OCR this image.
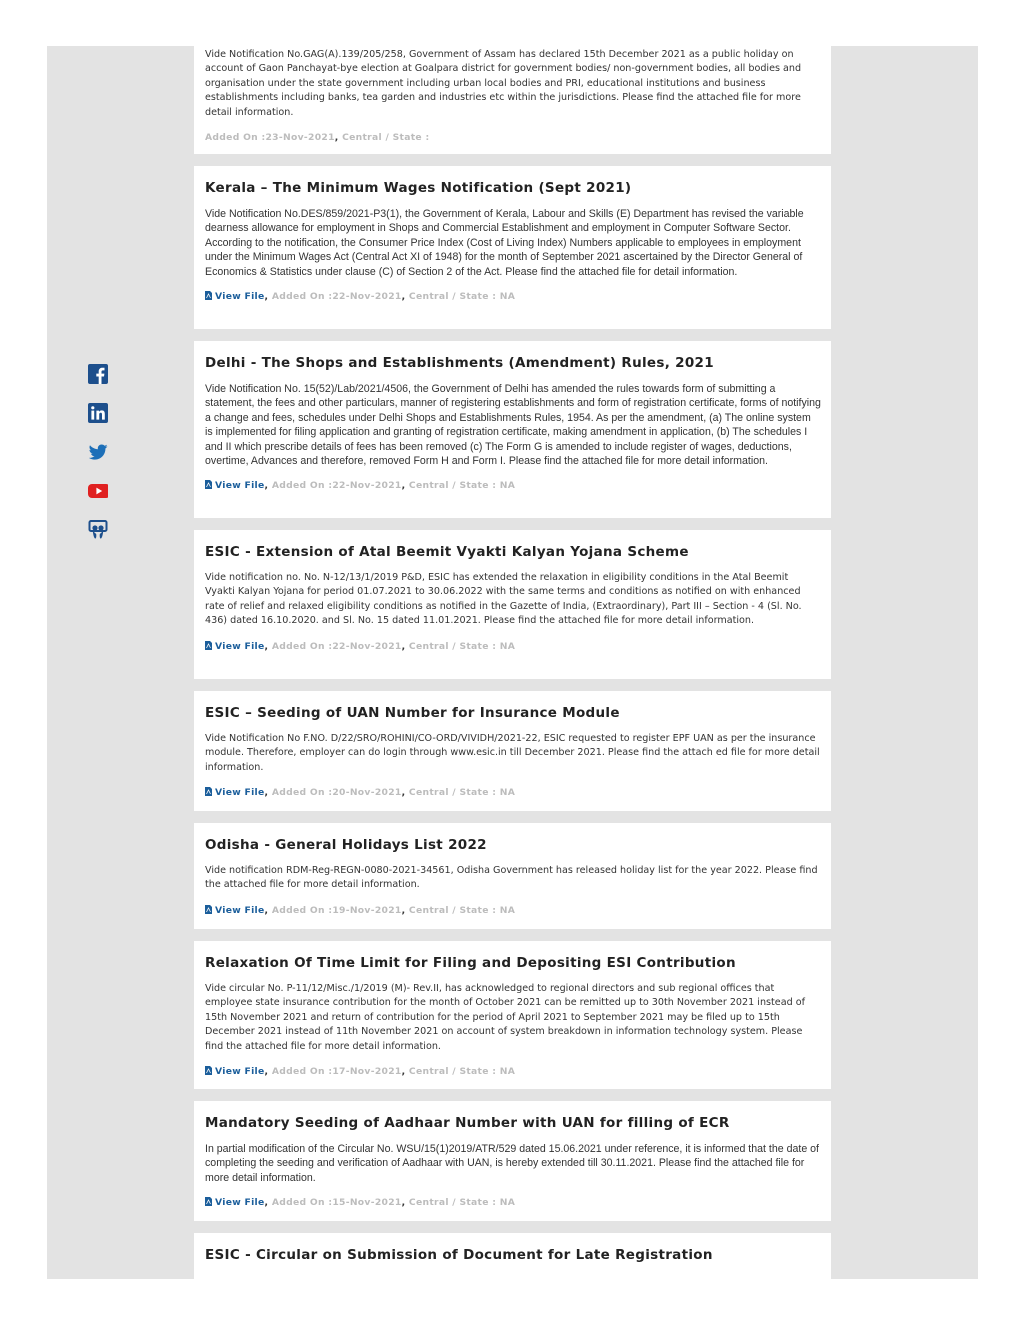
Vide Notification No.GAG(A).139/205/258, Government of Assam has declared 15th December 2021 as a public holiday on account of Gaon Panchayat-bye election at Goalpara district for government bodies/ non-government bodies, all bodies and organisation under the state government including urban local bodies and PRI, educational institutions and business establishments including banks, tea garden and industries etc within the jurisdictions. Please find the attached file for more detail information.

Added On :23-Nov-2021, Central / State :
Kerala – The Minimum Wages Notification (Sept 2021)

Vide Notification No.DES/859/2021-P3(1), the Government of Kerala, Labour and Skills (E) Department has revised the variable dearness allowance for employment in Shops and Commercial Establishment and employment in Computer Software Sector. According to the notification, the Consumer Price Index (Cost of Living Index) Numbers applicable to employees in employment under the Minimum Wages Act (Central Act XI of 1948) for the month of September 2021 ascertained by the Director General of Economics & Statistics under clause (C) of Section 2 of the Act. Please find the attached file for detail information.

View File, Added On :22-Nov-2021, Central / State : NA
Delhi - The Shops and Establishments (Amendment) Rules, 2021

Vide Notification No. 15(52)/Lab/2021/4506, the Government of Delhi has amended the rules towards form of submitting a statement, the fees and other particulars, manner of registering establishments and form of registration certificate, forms of notifying a change and fees, schedules under Delhi Shops and Establishments Rules, 1954. As per the amendment, (a) The online system is implemented for filing application and granting of registration certificate, making amendment in application, (b) The schedules I and II which prescribe details of fees has been removed (c) The Form G is amended to include register of wages, deductions, overtime, Advances and therefore, removed Form H and Form I. Please find the attached file for more detail information.

View File, Added On :22-Nov-2021, Central / State : NA
ESIC - Extension of Atal Beemit Vyakti Kalyan Yojana Scheme

Vide notification no. No. N-12/13/1/2019 P&D, ESIC has extended the relaxation in eligibility conditions in the Atal Beemit Vyakti Kalyan Yojana for period 01.07.2021 to 30.06.2022 with the same terms and conditions as notified on with enhanced rate of relief and relaxed eligibility conditions as notified in the Gazette of India, (Extraordinary), Part III – Section - 4 (Sl. No. 436) dated 16.10.2020. and Sl. No. 15 dated 11.01.2021. Please find the attached file for more detail information.

View File, Added On :22-Nov-2021, Central / State : NA
ESIC – Seeding of UAN Number for Insurance Module

Vide Notification No F.NO. D/22/SRO/ROHINI/CO-ORD/VIVIDH/2021-22, ESIC requested to register EPF UAN as per the insurance module. Therefore, employer can do login through www.esic.in till December 2021. Please find the attach ed file for more detail information.

View File, Added On :20-Nov-2021, Central / State : NA
Odisha - General Holidays List 2022

Vide notification RDM-Reg-REGN-0080-2021-34561, Odisha Government has released holiday list for the year 2022. Please find the attached file for more detail information.

View File, Added On :19-Nov-2021, Central / State : NA
Relaxation Of Time Limit for Filing and Depositing ESI Contribution

Vide circular No. P-11/12/Misc./1/2019 (M)- Rev.II, has acknowledged to regional directors and sub regional offices that employee state insurance contribution for the month of October 2021 can be remitted up to 30th November 2021 instead of 15th November 2021 and return of contribution for the period of April 2021 to September 2021 may be filed up to 15th December 2021 instead of 11th November 2021 on account of system breakdown in information technology system. Please find the attached file for more detail information.

View File, Added On :17-Nov-2021, Central / State : NA
Mandatory Seeding of Aadhaar Number with UAN for filling of ECR

In partial modification of the Circular No. WSU/15(1)2019/ATR/529 dated 15.06.2021 under reference, it is informed that the date of completing the seeding and verification of Aadhaar with UAN, is hereby extended till 30.11.2021. Please find the attached file for more detail information.

View File, Added On :15-Nov-2021, Central / State : NA
ESIC - Circular on Submission of Document for Late Registration
